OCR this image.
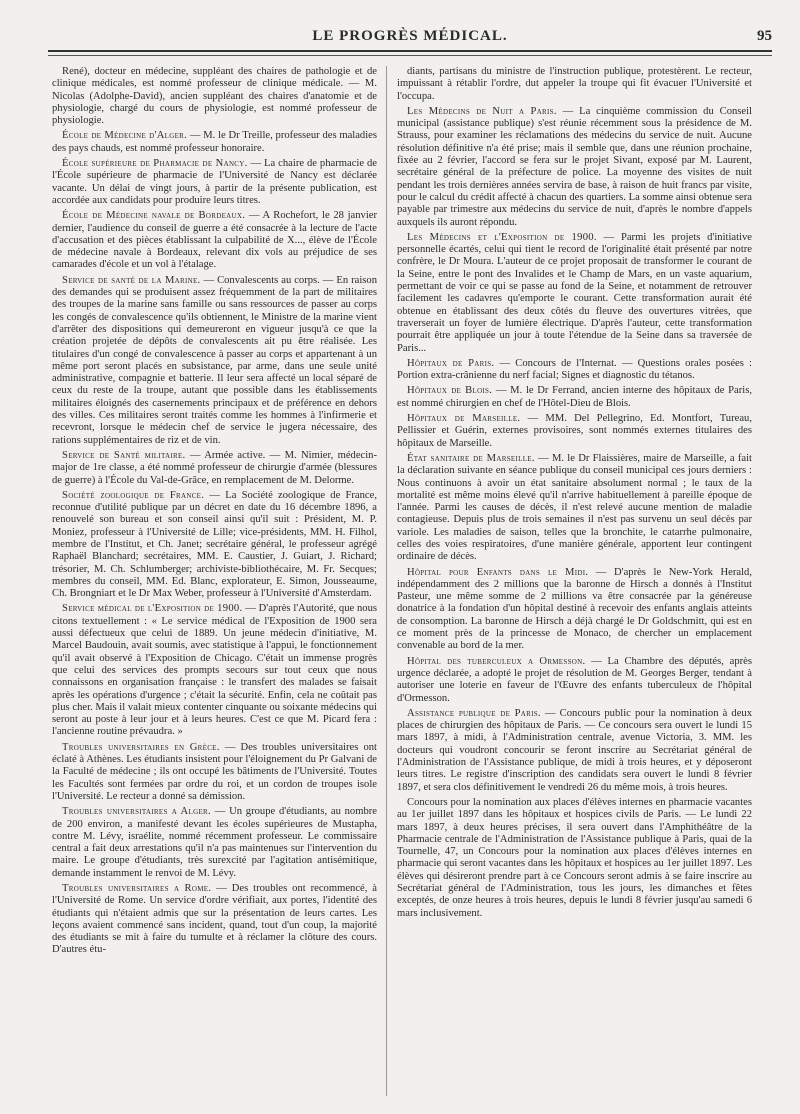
LE PROGRÈS MÉDICAL.	95

René), docteur en médecine, suppléant des chaires de pathologie et de clinique médicales, est nommé professeur de clinique médicale. — M. Nicolas (Adolphe-David), ancien suppléant des chaires d'anatomie et de physiologie, chargé du cours de physiologie, est nommé professeur de physiologie.

École de Médecine d'Alger. — M. le Dr Treille, professeur des maladies des pays chauds, est nommé professeur honoraire.

École supérieure de Pharmacie de Nancy. — La chaire de pharmacie de l'École supérieure de pharmacie de l'Université de Nancy est déclarée vacante. Un délai de vingt jours, à partir de la présente publication, est accordée aux candidats pour produire leurs titres.

École de Médecine navale de Bordeaux. — A Rochefort, le 28 janvier dernier, l'audience du conseil de guerre a été consacrée à la lecture de l'acte d'accusation et des pièces établissant la culpabilité de X..., élève de l'École de médecine navale à Bordeaux, relevant dix vols au préjudice de ses camarades d'école et un vol à l'étalage.

Service de santé de la Marine. — Convalescents au corps. — En raison des demandes qui se produisent assez fréquemment de la part de militaires des troupes de la marine sans famille ou sans ressources de passer au corps les congés de convalescence qu'ils obtiennent, le Ministre de la marine vient d'arrêter des dispositions qui demeureront en vigueur jusqu'à ce que la création projetée de dépôts de convalescents ait pu être réalisée. Les titulaires d'un congé de convalescence à passer au corps et appartenant à un même port seront placés en subsistance, par arme, dans une seule unité administrative, compagnie et batterie. Il leur sera affecté un local séparé de ceux du reste de la troupe, autant que possible dans les établissements militaires éloignés des casernements principaux et de préférence en dehors des villes. Ces militaires seront traités comme les hommes à l'infirmerie et recevront, lorsque le médecin chef de service le jugera nécessaire, des rations supplémentaires de riz et de vin.

Service de Santé militaire. — Armée active. — M. Nimier, médecin-major de 1re classe, a été nommé professeur de chirurgie d'armée (blessures de guerre) à l'École du Val-de-Grâce, en remplacement de M. Delorme.

Société zoologique de France. — La Société zoologique de France, reconnue d'utilité publique par un décret en date du 16 décembre 1896, a renouvelé son bureau et son conseil ainsi qu'il suit : Président, M. P. Moniez, professeur à l'Université de Lille; vice-présidents, MM. H. Filhol, membre de l'Institut, et Ch. Janet; secrétaire général, le professeur agrégé Raphaël Blanchard; secrétaires, MM. E. Caustier, J. Guiart, J. Richard; trésorier, M. Ch. Schlumberger; archiviste-bibliothécaire, M. Fr. Secques; membres du conseil, MM. Ed. Blanc, explorateur, E. Simon, Jousseaume, Ch. Brongniart et le Dr Max Weber, professeur à l'Université d'Amsterdam.

Service médical de l'Exposition de 1900. — D'après l'Autorité, que nous citons textuellement : « Le service médical de l'Exposition de 1900 sera aussi défectueux que celui de 1889. Un jeune médecin d'initiative, M. Marcel Baudouin, avait soumis, avec statistique à l'appui, le fonctionnement qu'il avait observé à l'Exposition de Chicago. C'était un immense progrès que celui des services des prompts secours sur tout ceux que nous connaissons en organisation française : le transfert des malades se faisait après les opérations d'urgence ; c'était la sécurité. Enfin, cela ne coûtait pas plus cher. Mais il valait mieux contenter cinquante ou soixante médecins qui seront au poste à leur jour et à leurs heures. C'est ce que M. Picard fera : l'ancienne routine prévaudra. »

Troubles universitaires en Grèce. — Des troubles universitaires ont éclaté à Athènes. Les étudiants insistent pour l'éloignement du Pr Galvani de la Faculté de médecine ; ils ont occupé les bâtiments de l'Université. Toutes les Facultés sont fermées par ordre du roi, et un cordon de troupes isole l'Université. Le recteur a donné sa démission.

Troubles universitaires a Alger. — Un groupe d'étudiants, au nombre de 200 environ, a manifesté devant les écoles supérieures de Mustapha, contre M. Lévy, israélite, nommé récemment professeur. Le commissaire central a fait deux arrestations qu'il n'a pas maintenues sur l'intervention du maire. Le groupe d'étudiants, très surexcité par l'agitation antisémitique, demande instamment le renvoi de M. Lévy.

Troubles universitaires a Rome. — Des troubles ont recommencé, à l'Université de Rome. Un service d'ordre vérifiait, aux portes, l'identité des étudiants qui n'étaient admis que sur la présentation de leurs cartes. Les leçons avaient commencé sans incident, quand, tout d'un coup, la majorité des étudiants se mit à faire du tumulte et à réclamer la clôture des cours. D'autres étu-

diants, partisans du ministre de l'instruction publique, protestèrent. Le recteur, impuissant à rétablir l'ordre, dut appeler la troupe qui fit évacuer l'Université et l'occupa.

Les Médecins de Nuit a Paris. — La cinquième commission du Conseil municipal (assistance publique) s'est réunie récemment sous la présidence de M. Strauss, pour examiner les réclamations des médecins du service de nuit. Aucune résolution définitive n'a été prise; mais il semble que, dans une réunion prochaine, fixée au 2 février, l'accord se fera sur le projet Sivant, exposé par M. Laurent, secrétaire général de la préfecture de police. La moyenne des visites de nuit pendant les trois dernières années servira de base, à raison de huit francs par visite, pour le calcul du crédit affecté à chacun des quartiers. La somme ainsi obtenue sera payable par trimestre aux médecins du service de nuit, d'après le nombre d'appels auxquels ils auront répondu.

Les Médecins et l'Exposition de 1900. — Parmi les projets d'initiative personnelle écartés, celui qui tient le record de l'originalité était présenté par notre confrère, le Dr Moura. L'auteur de ce projet proposait de transformer le courant de la Seine, entre le pont des Invalides et le Champ de Mars, en un vaste aquarium, permettant de voir ce qui se passe au fond de la Seine, et notamment de retrouver facilement les cadavres qu'emporte le courant. Cette transformation aurait été obtenue en établissant des deux côtés du fleuve des ouvertures vitrées, que traverserait un foyer de lumière électrique. D'après l'auteur, cette transformation pourrait être appliquée un jour à toute l'étendue de la Seine dans sa traversée de Paris...

Hôpitaux de Paris. — Concours de l'Internat. — Questions orales posées : Portion extra-crânienne du nerf facial; Signes et diagnostic du tétanos.

Hôpitaux de Blois. — M. le Dr Ferrand, ancien interne des hôpitaux de Paris, est nommé chirurgien en chef de l'Hôtel-Dieu de Blois.

Hôpitaux de Marseille. — MM. Del Pellegrino, Ed. Montfort, Tureau, Pellissier et Guérin, externes provisoires, sont nommés externes titulaires des hôpitaux de Marseille.

État sanitaire de Marseille. — M. le Dr Flaissières, maire de Marseille, a fait la déclaration suivante en séance publique du conseil municipal ces jours derniers : Nous continuons à avoir un état sanitaire absolument normal ; le taux de la mortalité est même moins élevé qu'il n'arrive habituellement à pareille époque de l'année. Parmi les causes de décès, il n'est relevé aucune mention de maladie contagieuse. Depuis plus de trois semaines il n'est pas survenu un seul décès par variole. Les maladies de saison, telles que la bronchite, le catarrhe pulmonaire, celles des voies respiratoires, d'une manière générale, apportent leur contingent ordinaire de décès.

Hôpital pour Enfants dans le Midi. — D'après le New-York Herald, indépendamment des 2 millions que la baronne de Hirsch a donnés à l'Institut Pasteur, une même somme de 2 millions va être consacrée par la généreuse donatrice à la fondation d'un hôpital destiné à recevoir des enfants anglais atteints de consomption. La baronne de Hirsch a déjà chargé le Dr Goldschmitt, qui est en ce moment près de la princesse de Monaco, de chercher un emplacement convenable au bord de la mer.

Hôpital des tuberculeux a Ormesson. — La Chambre des députés, après urgence déclarée, a adopté le projet de résolution de M. Georges Berger, tendant à autoriser une loterie en faveur de l'Œuvre des enfants tuberculeux de l'hôpital d'Ormesson.

Assistance publique de Paris. — Concours public pour la nomination à deux places de chirurgien des hôpitaux de Paris. — Ce concours sera ouvert le lundi 15 mars 1897, à midi, à l'Administration centrale, avenue Victoria, 3. MM. les docteurs qui voudront concourir se feront inscrire au Secrétariat général de l'Administration de l'Assistance publique, de midi à trois heures, et y déposeront leurs titres. Le registre d'inscription des candidats sera ouvert le lundi 8 février 1897, et sera clos définitivement le vendredi 26 du même mois, à trois heures.

Concours pour la nomination aux places d'élèves internes en pharmacie vacantes au 1er juillet 1897 dans les hôpitaux et hospices civils de Paris. — Le lundi 22 mars 1897, à deux heures précises, il sera ouvert dans l'Amphithéâtre de la Pharmacie centrale de l'Administration de l'Assistance publique à Paris, quai de la Tournelle, 47, un Concours pour la nomination aux places d'élèves internes en pharmacie qui seront vacantes dans les hôpitaux et hospices au 1er juillet 1897. Les élèves qui désireront prendre part à ce Concours seront admis à se faire inscrire au Secrétariat général de l'Administration, tous les jours, les dimanches et fêtes exceptés, de onze heures à trois heures, depuis le lundi 8 février jusqu'au samedi 6 mars inclusivement.
